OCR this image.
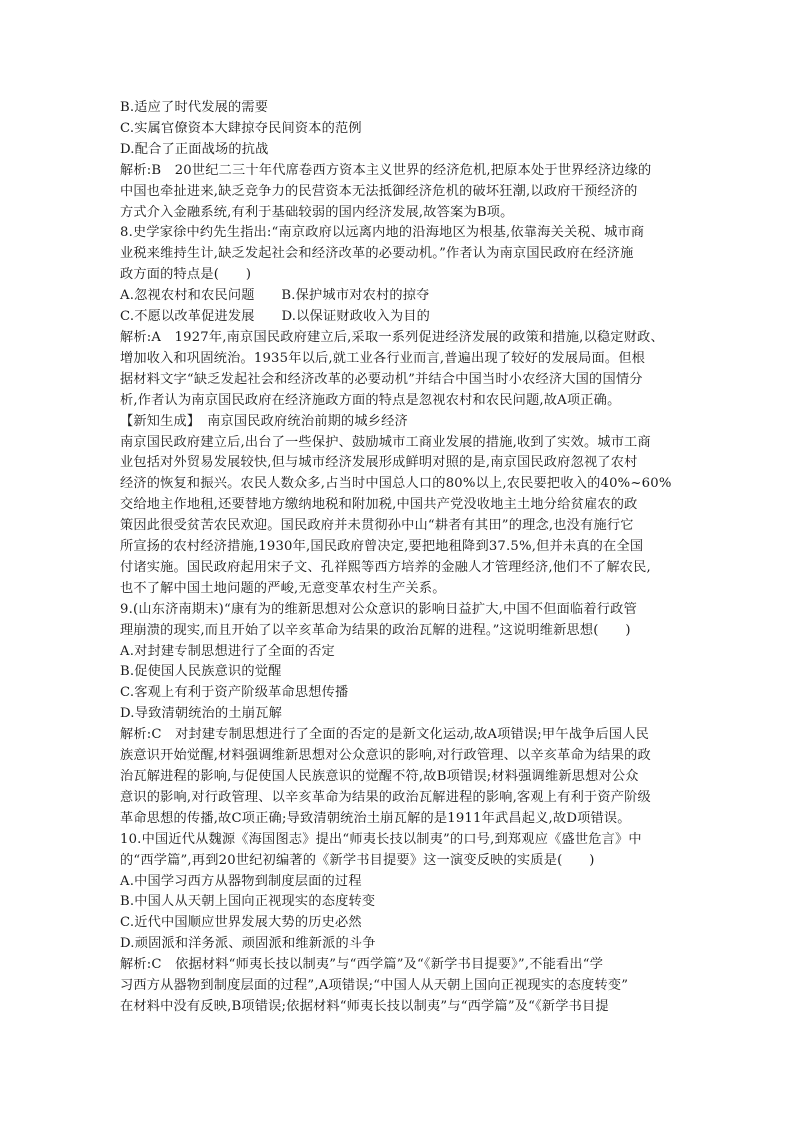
B.适应了时代发展的需要
C.实属官僚资本大肆掠夺民间资本的范例
D.配合了正面战场的抗战
解析:B　20世纪二三十年代席卷西方资本主义世界的经济危机,把原本处于世界经济边缘的
中国也牵扯进来,缺乏竞争力的民营资本无法抵御经济危机的破坏狂潮,以政府干预经济的
方式介入金融系统,有利于基础较弱的国内经济发展,故答案为B项。
8.史学家徐中约先生指出:“南京政府以远离内地的沿海地区为根基,依靠海关关税、城市商
业税来维持生计,缺乏发起社会和经济改革的必要动机。”作者认为南京国民政府在经济施
政方面的特点是(　　)
A.忽视农村和农民问题　　B.保护城市对农村的掠夺
C.不愿以改革促进发展　　D.以保证财政收入为目的
解析:A　1927年,南京国民政府建立后,采取一系列促进经济发展的政策和措施,以稳定财政、
增加收入和巩固统治。1935年以后,就工业各行业而言,普遍出现了较好的发展局面。但根
据材料文字“缺乏发起社会和经济改革的必要动机”并结合中国当时小农经济大国的国情分
析,作者认为南京国民政府在经济施政方面的特点是忽视农村和农民问题,故A项正确。
【新知生成】　南京国民政府统治前期的城乡经济
南京国民政府建立后,出台了一些保护、鼓励城市工商业发展的措施,收到了实效。城市工商
业包括对外贸易发展较快,但与城市经济发展形成鲜明对照的是,南京国民政府忽视了农村
经济的恢复和振兴。农民人数众多,占当时中国总人口的80%以上,农民要把收入的40%~60%
交给地主作地租,还要替地方缴纳地税和附加税,中国共产党没收地主土地分给贫雇农的政
策因此很受贫苦农民欢迎。国民政府并未贯彻孙中山“耕者有其田”的理念,也没有施行它
所宣扬的农村经济措施,1930年,国民政府曾决定,要把地租降到37.5%,但并未真的在全国
付诸实施。国民政府起用宋子文、孔祥熙等西方培养的金融人才管理经济,他们不了解农民,
也不了解中国土地问题的严峻,无意变革农村生产关系。
9.(山东济南期末)“康有为的维新思想对公众意识的影响日益扩大,中国不但面临着行政管
理崩溃的现实,而且开始了以辛亥革命为结果的政治瓦解的进程。”这说明维新思想(　　)
A.对封建专制思想进行了全面的否定
B.促使国人民族意识的觉醒
C.客观上有利于资产阶级革命思想传播
D.导致清朝统治的土崩瓦解
解析:C　对封建专制思想进行了全面的否定的是新文化运动,故A项错误;甲午战争后国人民
族意识开始觉醒,材料强调维新思想对公众意识的影响,对行政管理、以辛亥革命为结果的政
治瓦解进程的影响,与促使国人民族意识的觉醒不符,故B项错误;材料强调维新思想对公众
意识的影响,对行政管理、以辛亥革命为结果的政治瓦解进程的影响,客观上有利于资产阶级
革命思想的传播,故C项正确;导致清朝统治土崩瓦解的是1911年武昌起义,故D项错误。
10.中国近代从魏源《海国图志》提出“师夷长技以制夷”的口号,到郑观应《盛世危言》中
的“西学篇”,再到20世纪初编著的《新学书目提要》这一演变反映的实质是(　　)
A.中国学习西方从器物到制度层面的过程
B.中国人从天朝上国向正视现实的态度转变
C.近代中国顺应世界发展大势的历史必然
D.顽固派和洋务派、顽固派和维新派的斗争
解析:C　依据材料“师夷长技以制夷”与“西学篇”及“《新学书目提要》”,不能看出“学
习西方从器物到制度层面的过程”,A项错误;“中国人从天朝上国向正视现实的态度转变”
在材料中没有反映,B项错误;依据材料“师夷长技以制夷”与“西学篇”及“《新学书目提
